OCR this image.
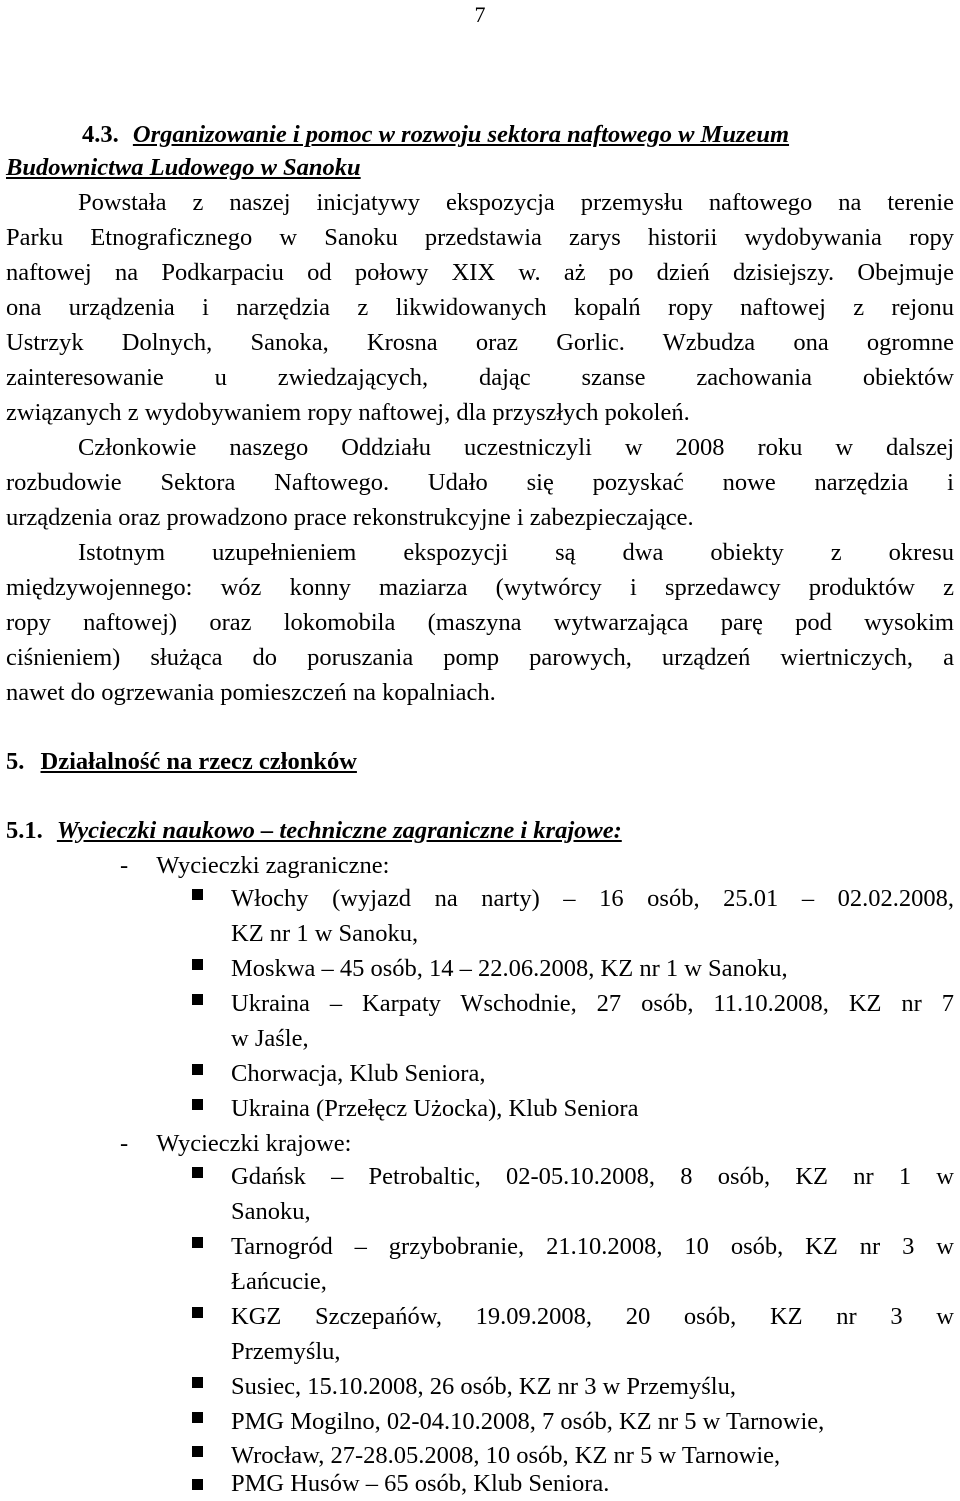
7
4.3. Organizowanie i pomoc w rozwoju sektora naftowego w Muzeum
Budownictwa Ludowego w Sanoku
Powstała z naszej inicjatywy ekspozycja przemysłu naftowego na terenie
Parku Etnograficznego w Sanoku przedstawia zarys historii wydobywania ropy
naftowej na Podkarpaciu od połowy XIX w. aż po dzień dzisiejszy. Obejmuje
ona urządzenia i narzędzia z likwidowanych kopalń ropy naftowej z rejonu
Ustrzyk Dolnych, Sanoka, Krosna oraz Gorlic. Wzbudza ona ogromne
zainteresowanie u zwiedzających, dając szanse zachowania obiektów
związanych z wydobywaniem ropy naftowej, dla przyszłych pokoleń.
Członkowie naszego Oddziału uczestniczyli w 2008 roku w dalszej
rozbudowie Sektora Naftowego. Udało się pozyskać nowe narzędzia i
urządzenia oraz prowadzono prace rekonstrukcyjne i zabezpieczające.
Istotnym uzupełnieniem ekspozycji są dwa obiekty z okresu
międzywojennego: wóz konny maziarza (wytwórcy i sprzedawcy produktów z
ropy naftowej) oraz lokomobila (maszyna wytwarzająca parę pod wysokim
ciśnieniem) służąca do poruszania pomp parowych, urządzeń wiertniczych, a
nawet do ogrzewania pomieszczeń na kopalniach.
5. Działalność na rzecz członków
5.1. Wycieczki naukowo – techniczne zagraniczne i krajowe:
- Wycieczki zagraniczne:
Włochy (wyjazd na narty) – 16 osób, 25.01 – 02.02.2008,
KZ nr 1 w Sanoku,
Moskwa – 45 osób, 14 – 22.06.2008, KZ nr 1 w Sanoku,
Ukraina – Karpaty Wschodnie, 27 osób, 11.10.2008, KZ nr 7
w Jaśle,
Chorwacja, Klub Seniora,
Ukraina (Przełęcz Użocka), Klub Seniora
- Wycieczki krajowe:
Gdańsk – Petrobaltic, 02-05.10.2008, 8 osób, KZ nr 1 w
Sanoku,
Tarnogród – grzybobranie, 21.10.2008, 10 osób, KZ nr 3 w
Łańcucie,
KGZ Szczepańów, 19.09.2008, 20 osób, KZ nr 3 w
Przemyślu,
Susiec, 15.10.2008, 26 osób, KZ nr 3 w Przemyślu,
PMG Mogilno, 02-04.10.2008, 7 osób, KZ nr 5 w Tarnowie,
Wrocław, 27-28.05.2008, 10 osób, KZ nr 5 w Tarnowie,
PMG Husów – 65 osób, Klub Seniora.
